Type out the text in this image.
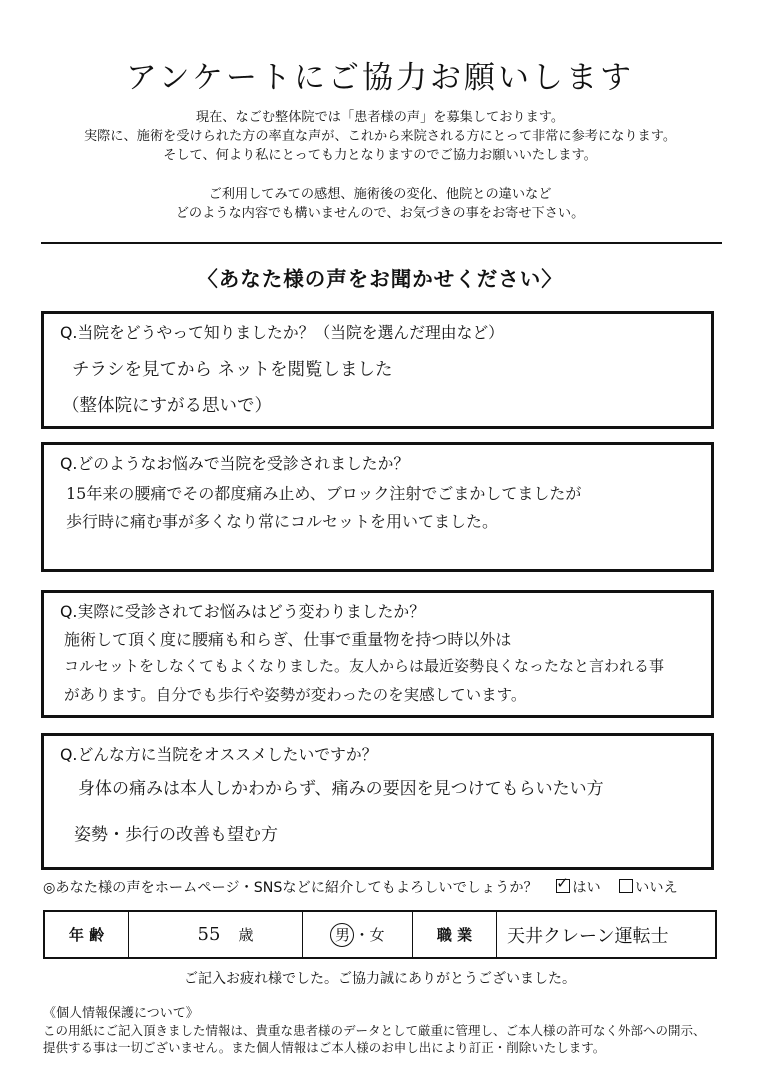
アンケートにご協力お願いします
現在、なごむ整体院では「患者様の声」を募集しております。
実際に、施術を受けられた方の率直な声が、これから来院される方にとって非常に参考になります。
そして、何より私にとっても力となりますのでご協力お願いいたします。
ご利用してみての感想、施術後の変化、他院との違いなど
どのような内容でも構いませんので、お気づきの事をお寄せ下さい。
〈あなた様の声をお聞かせください〉
Q.当院をどうやって知りましたか？（当院を選んだ理由など）
チラシを見てから ネットを閲覧しました
（整体院にすがる思いで）
Q.どのようなお悩みで当院を受診されましたか？
15年来の腰痛でその都度痛み止め、ブロック注射でごまかしてましたが
歩行時に痛む事が多くなり常にコルセットを用いてました。
Q.実際に受診されてお悩みはどう変わりましたか？
施術して頂く度に腰痛も和らぎ、仕事で重量物を持つ時以外は
コルセットをしなくてもよくなりました。友人からは最近姿勢良くなったなと言われる事
があります。自分でも歩行や姿勢が変わったのを実感しています。
Q.どんな方に当院をオススメしたいですか？
身体の痛みは本人しかわからず、痛みの要因を見つけてもらいたい方
姿勢・歩行の改善も望む方
◎あなた様の声をホームページ・SNSなどに紹介してもよろしいでしょうか？ ✓ はい いいえ
年 齢	55 歳	男 ・ 女	職 業	天井クレーン運転士
ご記入お疲れ様でした。ご協力誠にありがとうございました。
《個人情報保護について》
この用紙にご記入頂きました情報は、貴重な患者様のデータとして厳重に管理し、ご本人様の許可なく外部への開示、
提供する事は一切ございません。また個人情報はご本人様のお申し出により訂正・削除いたします。
